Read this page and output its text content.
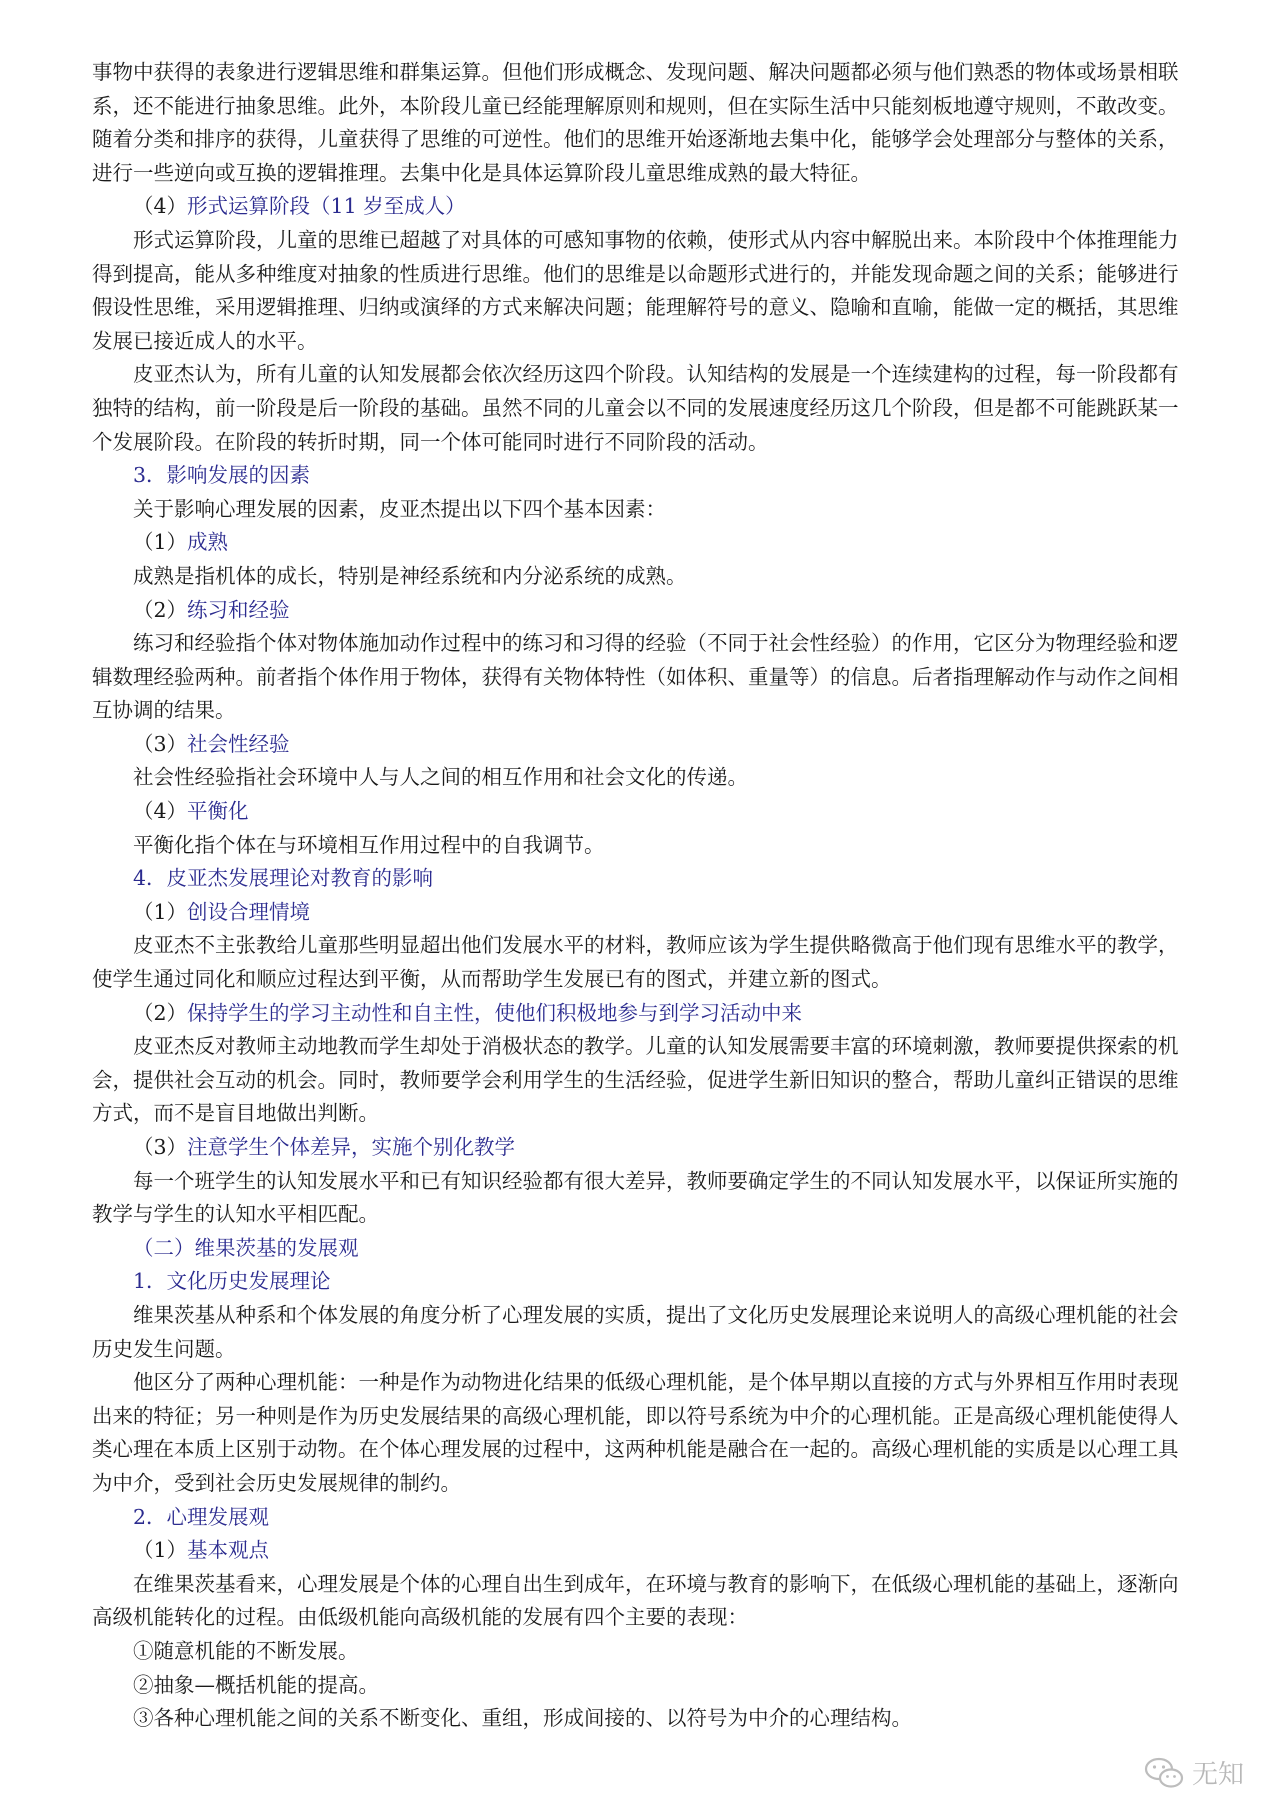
事物中获得的表象进行逻辑思维和群集运算。但他们形成概念、发现问题、解决问题都必须与他们熟悉的物体或场景相联系，还不能进行抽象思维。此外，本阶段儿童已经能理解原则和规则，但在实际生活中只能刻板地遵守规则，不敢改变。随着分类和排序的获得，儿童获得了思维的可逆性。他们的思维开始逐渐地去集中化，能够学会处理部分与整体的关系，进行一些逆向或互换的逻辑推理。去集中化是具体运算阶段儿童思维成熟的最大特征。

（4）形式运算阶段（11 岁至成人）

形式运算阶段，儿童的思维已超越了对具体的可感知事物的依赖，使形式从内容中解脱出来。本阶段中个体推理能力得到提高，能从多种维度对抽象的性质进行思维。他们的思维是以命题形式进行的，并能发现命题之间的关系；能够进行假设性思维，采用逻辑推理、归纳或演绎的方式来解决问题；能理解符号的意义、隐喻和直喻，能做一定的概括，其思维发展已接近成人的水平。

皮亚杰认为，所有儿童的认知发展都会依次经历这四个阶段。认知结构的发展是一个连续建构的过程，每一阶段都有独特的结构，前一阶段是后一阶段的基础。虽然不同的儿童会以不同的发展速度经历这几个阶段，但是都不可能跳跃某一个发展阶段。在阶段的转折时期，同一个体可能同时进行不同阶段的活动。

3．影响发展的因素

关于影响心理发展的因素，皮亚杰提出以下四个基本因素：

（1）成熟

成熟是指机体的成长，特别是神经系统和内分泌系统的成熟。

（2）练习和经验

练习和经验指个体对物体施加动作过程中的练习和习得的经验（不同于社会性经验）的作用，它区分为物理经验和逻辑数理经验两种。前者指个体作用于物体，获得有关物体特性（如体积、重量等）的信息。后者指理解动作与动作之间相互协调的结果。

（3）社会性经验

社会性经验指社会环境中人与人之间的相互作用和社会文化的传递。

（4）平衡化

平衡化指个体在与环境相互作用过程中的自我调节。

4．皮亚杰发展理论对教育的影响

（1）创设合理情境

皮亚杰不主张教给儿童那些明显超出他们发展水平的材料，教师应该为学生提供略微高于他们现有思维水平的教学，使学生通过同化和顺应过程达到平衡，从而帮助学生发展已有的图式，并建立新的图式。

（2）保持学生的学习主动性和自主性，使他们积极地参与到学习活动中来

皮亚杰反对教师主动地教而学生却处于消极状态的教学。儿童的认知发展需要丰富的环境刺激，教师要提供探索的机会，提供社会互动的机会。同时，教师要学会利用学生的生活经验，促进学生新旧知识的整合，帮助儿童纠正错误的思维方式，而不是盲目地做出判断。

（3）注意学生个体差异，实施个别化教学

每一个班学生的认知发展水平和已有知识经验都有很大差异，教师要确定学生的不同认知发展水平，以保证所实施的教学与学生的认知水平相匹配。

（二）维果茨基的发展观

1．文化历史发展理论

维果茨基从种系和个体发展的角度分析了心理发展的实质，提出了文化历史发展理论来说明人的高级心理机能的社会历史发生问题。

他区分了两种心理机能：一种是作为动物进化结果的低级心理机能，是个体早期以直接的方式与外界相互作用时表现出来的特征；另一种则是作为历史发展结果的高级心理机能，即以符号系统为中介的心理机能。正是高级心理机能使得人类心理在本质上区别于动物。在个体心理发展的过程中，这两种机能是融合在一起的。高级心理机能的实质是以心理工具为中介，受到社会历史发展规律的制约。

2．心理发展观

（1）基本观点

在维果茨基看来，心理发展是个体的心理自出生到成年，在环境与教育的影响下，在低级心理机能的基础上，逐渐向高级机能转化的过程。由低级机能向高级机能的发展有四个主要的表现：

①随意机能的不断发展。

②抽象—概括机能的提高。

③各种心理机能之间的关系不断变化、重组，形成间接的、以符号为中介的心理结构。

无知
